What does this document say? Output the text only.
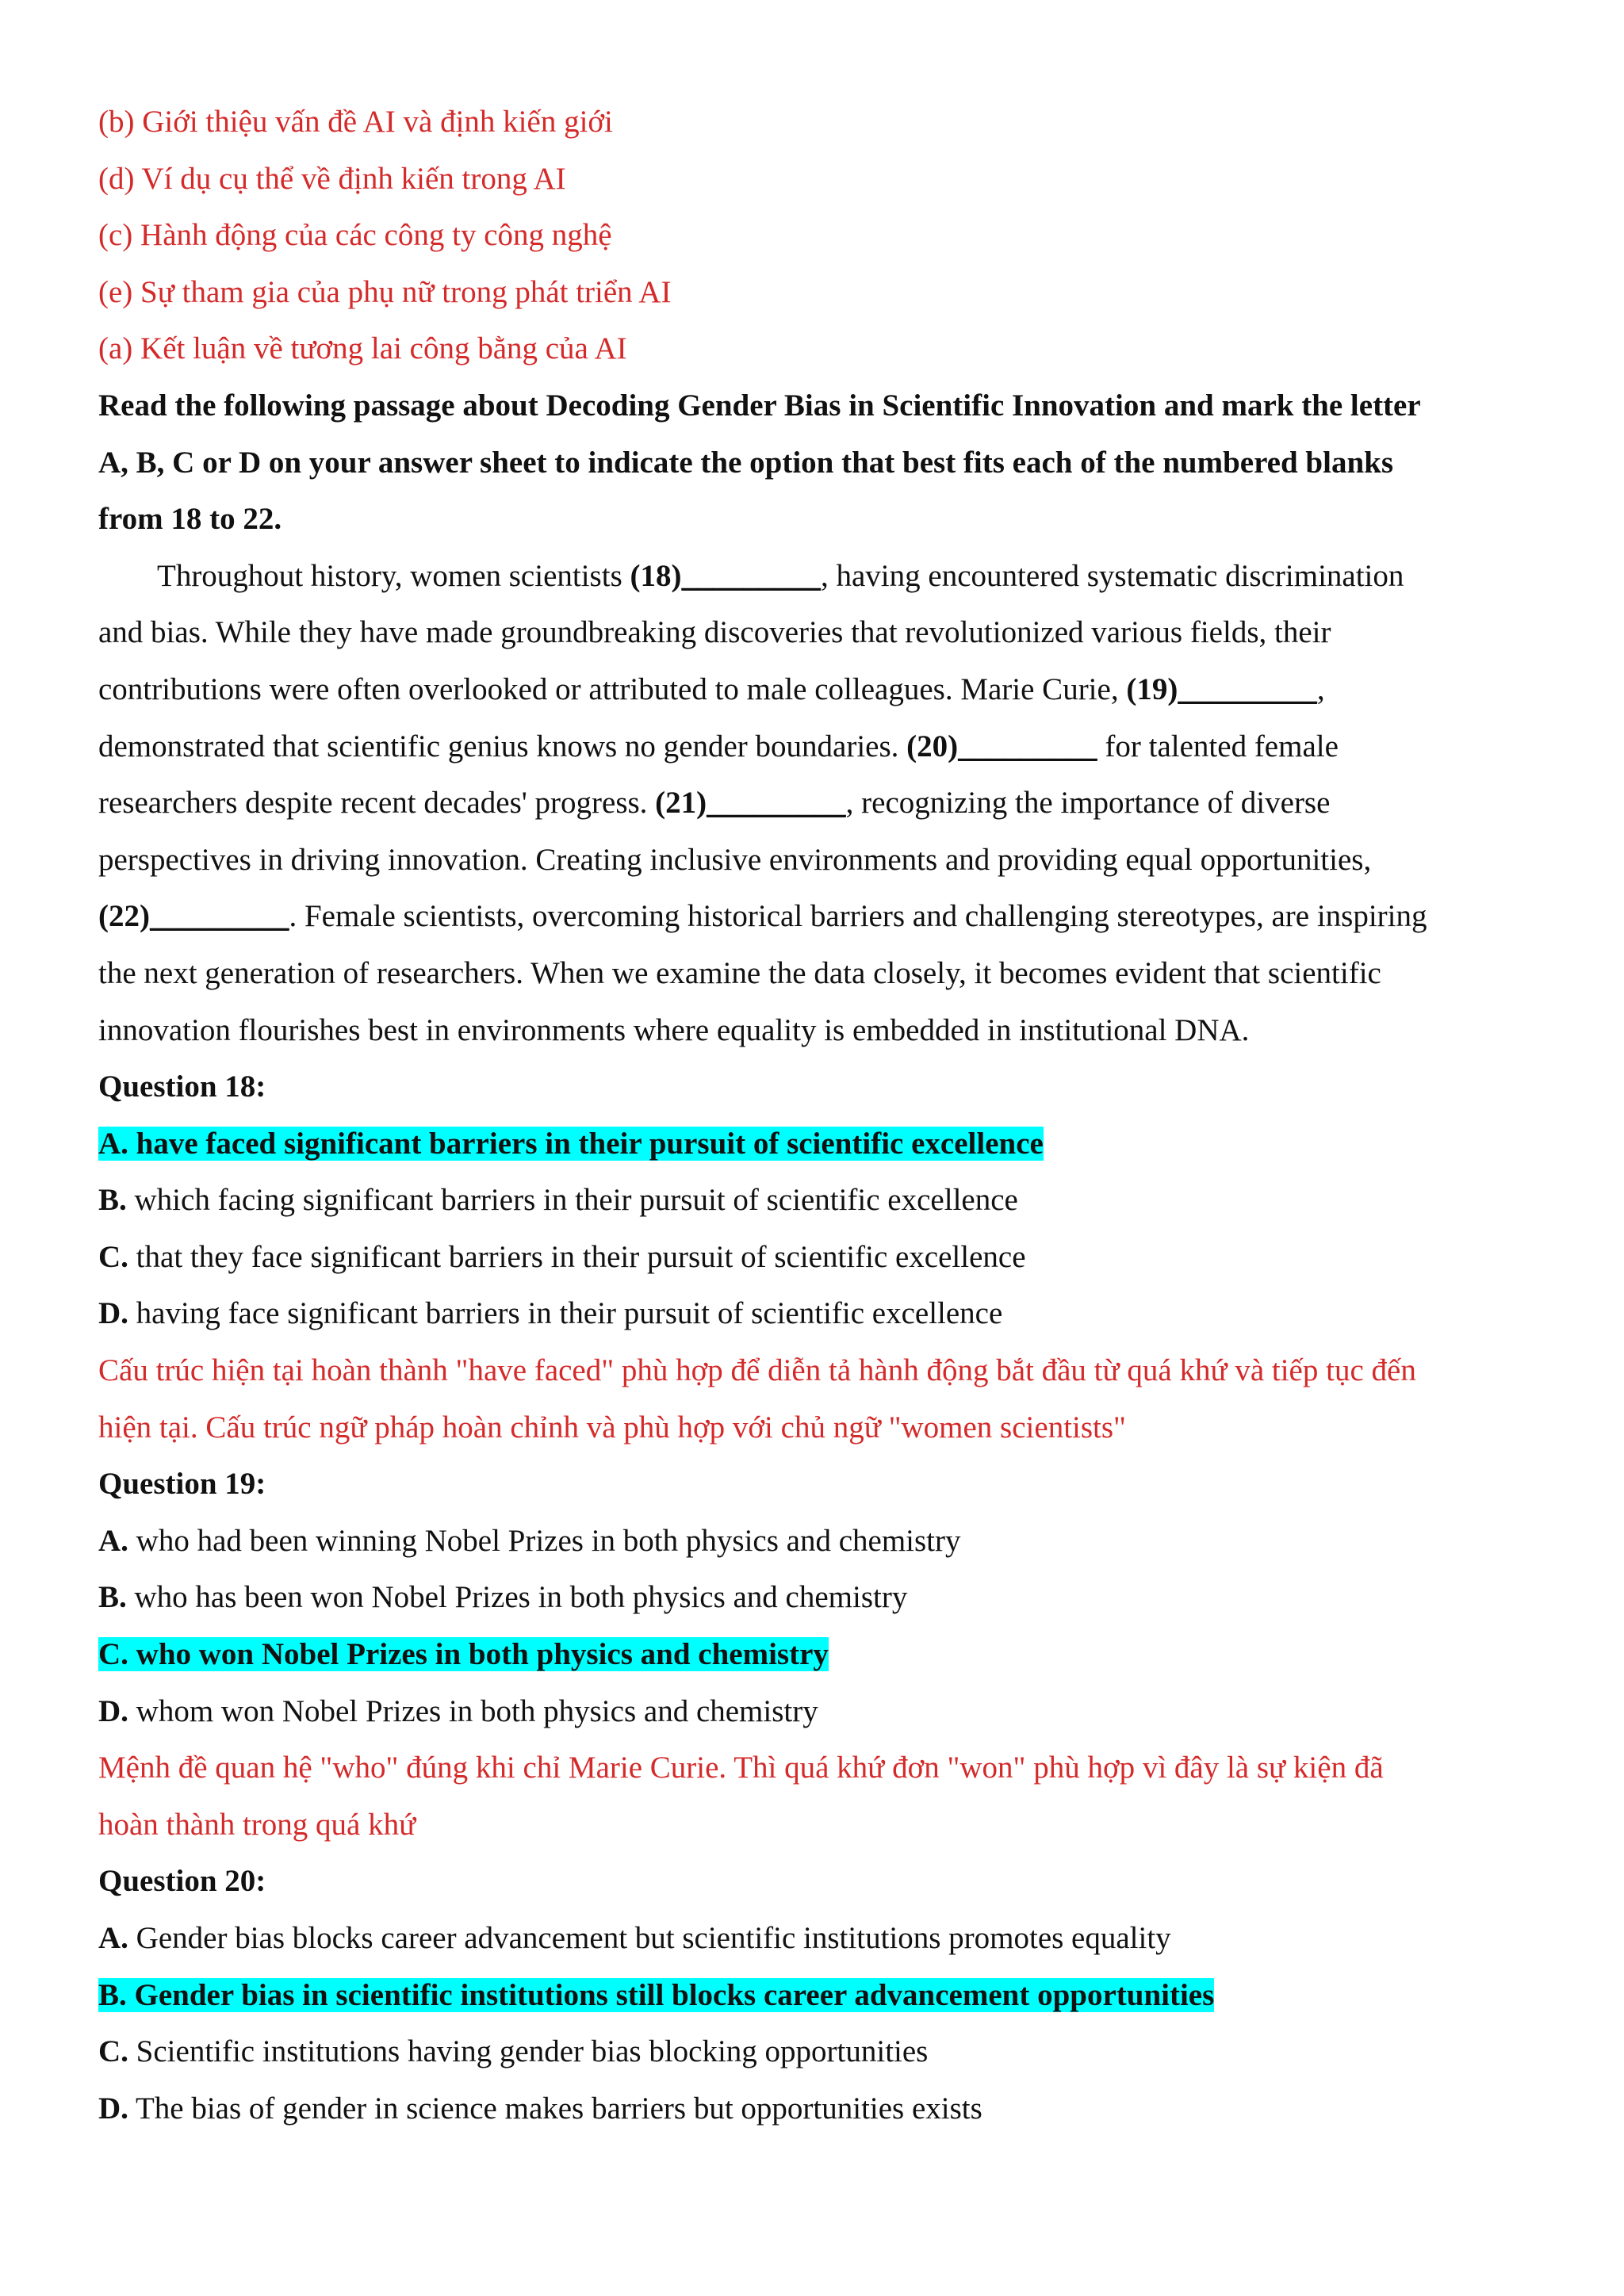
(b) Giới thiệu vấn đề AI và định kiến giới
(d) Ví dụ cụ thể về định kiến trong AI
(c) Hành động của các công ty công nghệ
(e) Sự tham gia của phụ nữ trong phát triển AI
(a) Kết luận về tương lai công bằng của AI
Read the following passage about Decoding Gender Bias in Scientific Innovation and mark the letter
A, B, C or D on your answer sheet to indicate the option that best fits each of the numbered blanks
from 18 to 22.
Throughout history, women scientists (18)_________, having encountered systematic discrimination
and bias. While they have made groundbreaking discoveries that revolutionized various fields, their
contributions were often overlooked or attributed to male colleagues. Marie Curie, (19)_________,
demonstrated that scientific genius knows no gender boundaries. (20)_________ for talented female
researchers despite recent decades' progress. (21)_________, recognizing the importance of diverse
perspectives in driving innovation. Creating inclusive environments and providing equal opportunities,
(22)_________. Female scientists, overcoming historical barriers and challenging stereotypes, are inspiring
the next generation of researchers. When we examine the data closely, it becomes evident that scientific
innovation flourishes best in environments where equality is embedded in institutional DNA.
Question 18:
A. have faced significant barriers in their pursuit of scientific excellence
B. which facing significant barriers in their pursuit of scientific excellence
C. that they face significant barriers in their pursuit of scientific excellence
D. having face significant barriers in their pursuit of scientific excellence
Cấu trúc hiện tại hoàn thành "have faced" phù hợp để diễn tả hành động bắt đầu từ quá khứ và tiếp tục đến
hiện tại. Cấu trúc ngữ pháp hoàn chỉnh và phù hợp với chủ ngữ "women scientists"
Question 19:
A. who had been winning Nobel Prizes in both physics and chemistry
B. who has been won Nobel Prizes in both physics and chemistry
C. who won Nobel Prizes in both physics and chemistry
D. whom won Nobel Prizes in both physics and chemistry
Mệnh đề quan hệ "who" đúng khi chỉ Marie Curie. Thì quá khứ đơn "won" phù hợp vì đây là sự kiện đã
hoàn thành trong quá khứ
Question 20:
A. Gender bias blocks career advancement but scientific institutions promotes equality
B. Gender bias in scientific institutions still blocks career advancement opportunities
C. Scientific institutions having gender bias blocking opportunities
D. The bias of gender in science makes barriers but opportunities exists
